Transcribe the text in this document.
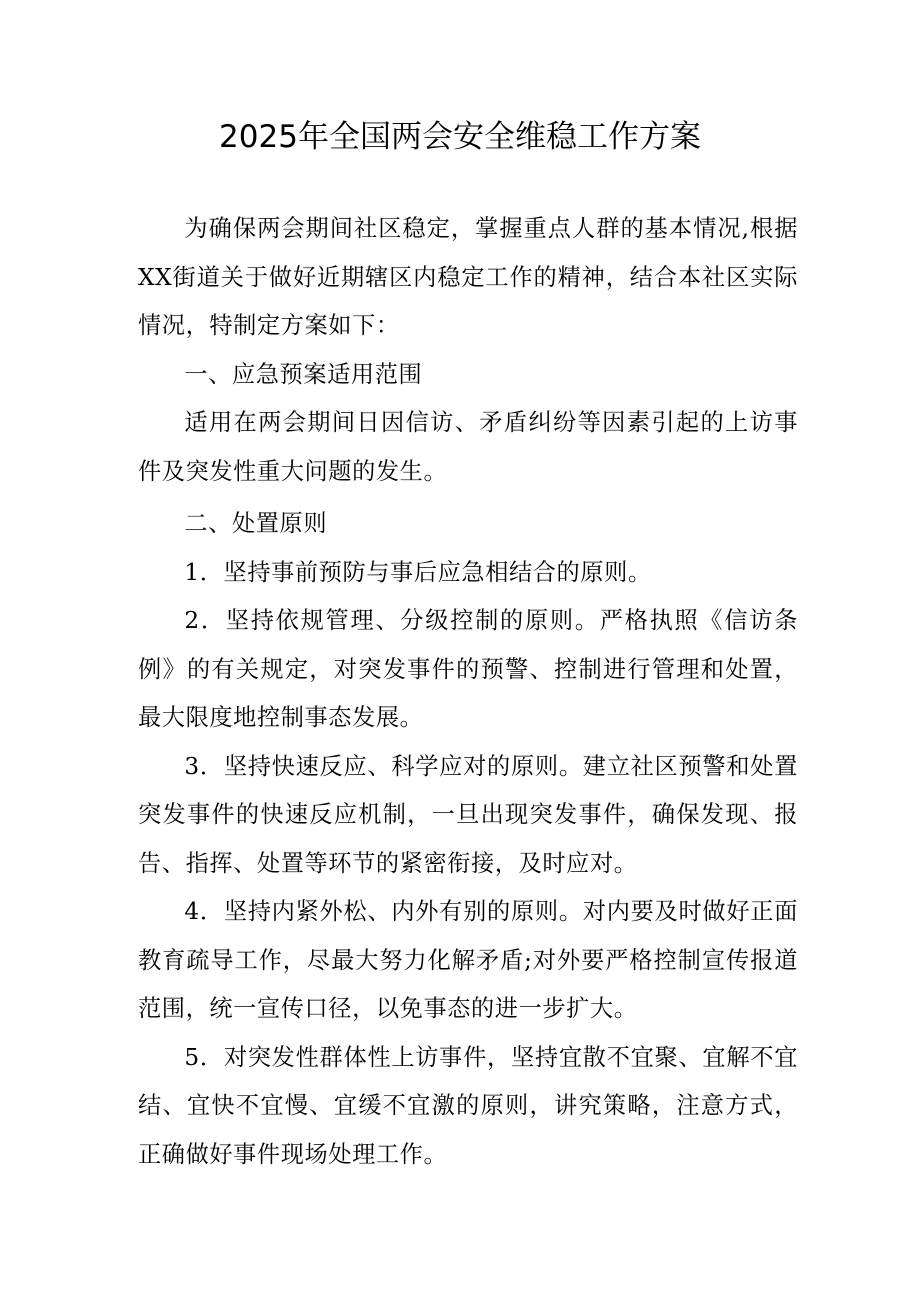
2025年全国两会安全维稳工作方案

为确保两会期间社区稳定，掌握重点人群的基本情况,根据XX街道关于做好近期辖区内稳定工作的精神，结合本社区实际情况，特制定方案如下：

一、应急预案适用范围

适用在两会期间日因信访、矛盾纠纷等因素引起的上访事件及突发性重大问题的发生。

二、处置原则

1．坚持事前预防与事后应急相结合的原则。

2．坚持依规管理、分级控制的原则。严格执照《信访条例》的有关规定，对突发事件的预警、控制进行管理和处置，最大限度地控制事态发展。

3．坚持快速反应、科学应对的原则。建立社区预警和处置突发事件的快速反应机制，一旦出现突发事件，确保发现、报告、指挥、处置等环节的紧密衔接，及时应对。

4．坚持内紧外松、内外有别的原则。对内要及时做好正面教育疏导工作，尽最大努力化解矛盾;对外要严格控制宣传报道范围，统一宣传口径，以免事态的进一步扩大。

5．对突发性群体性上访事件，坚持宜散不宜聚、宜解不宜结、宜快不宜慢、宜缓不宜激的原则，讲究策略，注意方式，正确做好事件现场处理工作。
